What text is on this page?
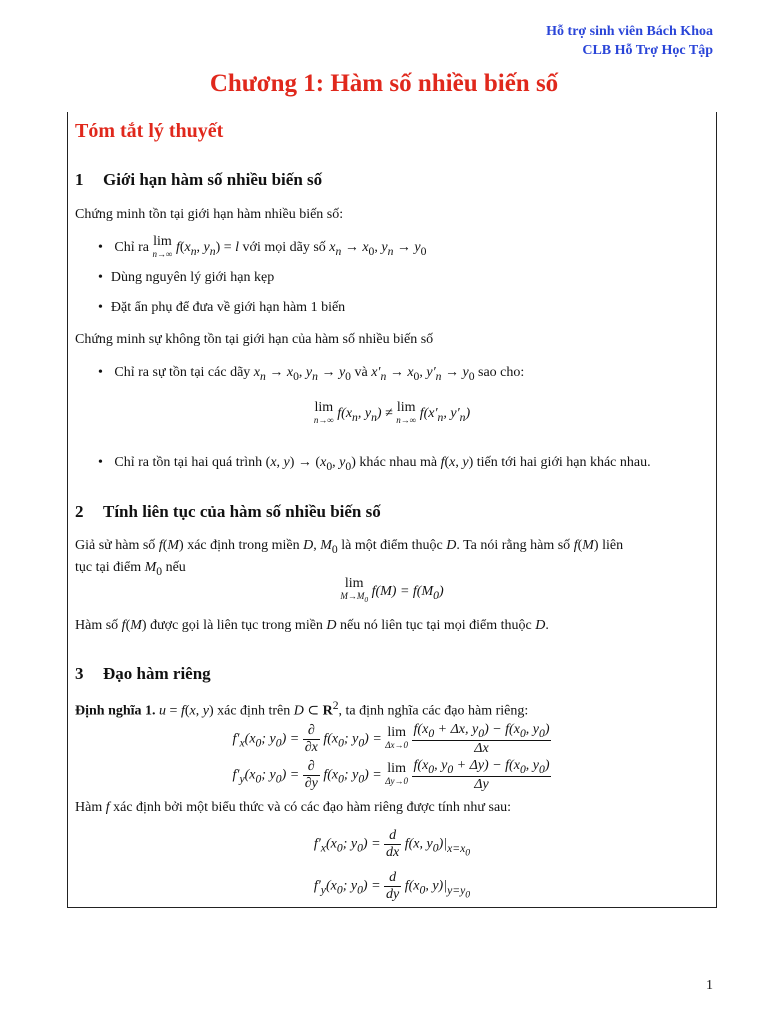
Hỗ trợ sinh viên Bách Khoa
CLB Hỗ Trợ Học Tập
Chương 1: Hàm số nhiều biến số
Tóm tắt lý thuyết
1 Giới hạn hàm số nhiều biến số
Chứng minh tồn tại giới hạn hàm nhiều biến số:
• Chỉ ra lim
n→∞ $f(x_n$, $y_n) = l$ với mọi dãy số $x_n \to x_0$, $y_n \to y_0$
• Dùng nguyên lý giới hạn kẹp
• Đặt ẩn phụ để đưa về giới hạn hàm 1 biến
Chứng minh sự không tồn tại giới hạn của hàm số nhiều biến số
• Chỉ ra sự tồn tại các dãy $x_n \to x_0$, $y_n \to y_0$ và $x'_n \to x_0$, $y'_n \to y_0$ sao cho:
lim
n→∞ $f(x_n$, $y_n) \ne \lim$
n→∞ $f(x'_n$, $y'_n$)
• Chỉ ra tồn tại hai quá trình (x, $y) \to (x_0$, $y_0$) khác nhau mà f(x, y) tiến tới hai giới hạn khác nhau.
2 Tính liên tục của hàm số nhiều biến số
Giả sử hàm số f(M) xác định trong miền D, $M_0$ là một điểm thuộc D. Ta nói rằng hàm số f(M) liên
tục tại điểm $M_0$ nếu
lim
$M\to M_0$
$f(M) = f(M_0)$
Hàm số f(M) được gọi là liên tục trong miền D nếu nó liên tục tại mọi điểm thuộc D.
3 Đạo hàm riêng
Định nghĩa 1. u = f(x, y) xác định trên D ⊂ $R^2$, ta định nghĩa các đạo hàm riêng:
$f'_x(x_0$; $y_0) = \frac{\partial}{\partial x} f(x_0$; $y_0) = \lim$
Δx→0
$\frac{f(x_0 + \Delta x, y_0) - f(x_0, y_0)}{\Delta x}$
$f'_y(x_0$; $y_0) = \frac{\partial}{\partial y} f(x_0$; $y_0) = \lim$
Δy→0
$\frac{f(x_0, y_0 + \Delta y) - f(x_0, y_0)}{\Delta y}$
Hàm f xác định bởi một biểu thức và có các đạo hàm riêng được tính như sau:
$f'_x(x_0$; $y_0) = \frac{d}{dx} f(x$, $y_0)|_{x=x_0}$
$f'_y(x_0$; $y_0) = \frac{d}{dy} f(x_0$, $y)|_{y=y_0}$
1
